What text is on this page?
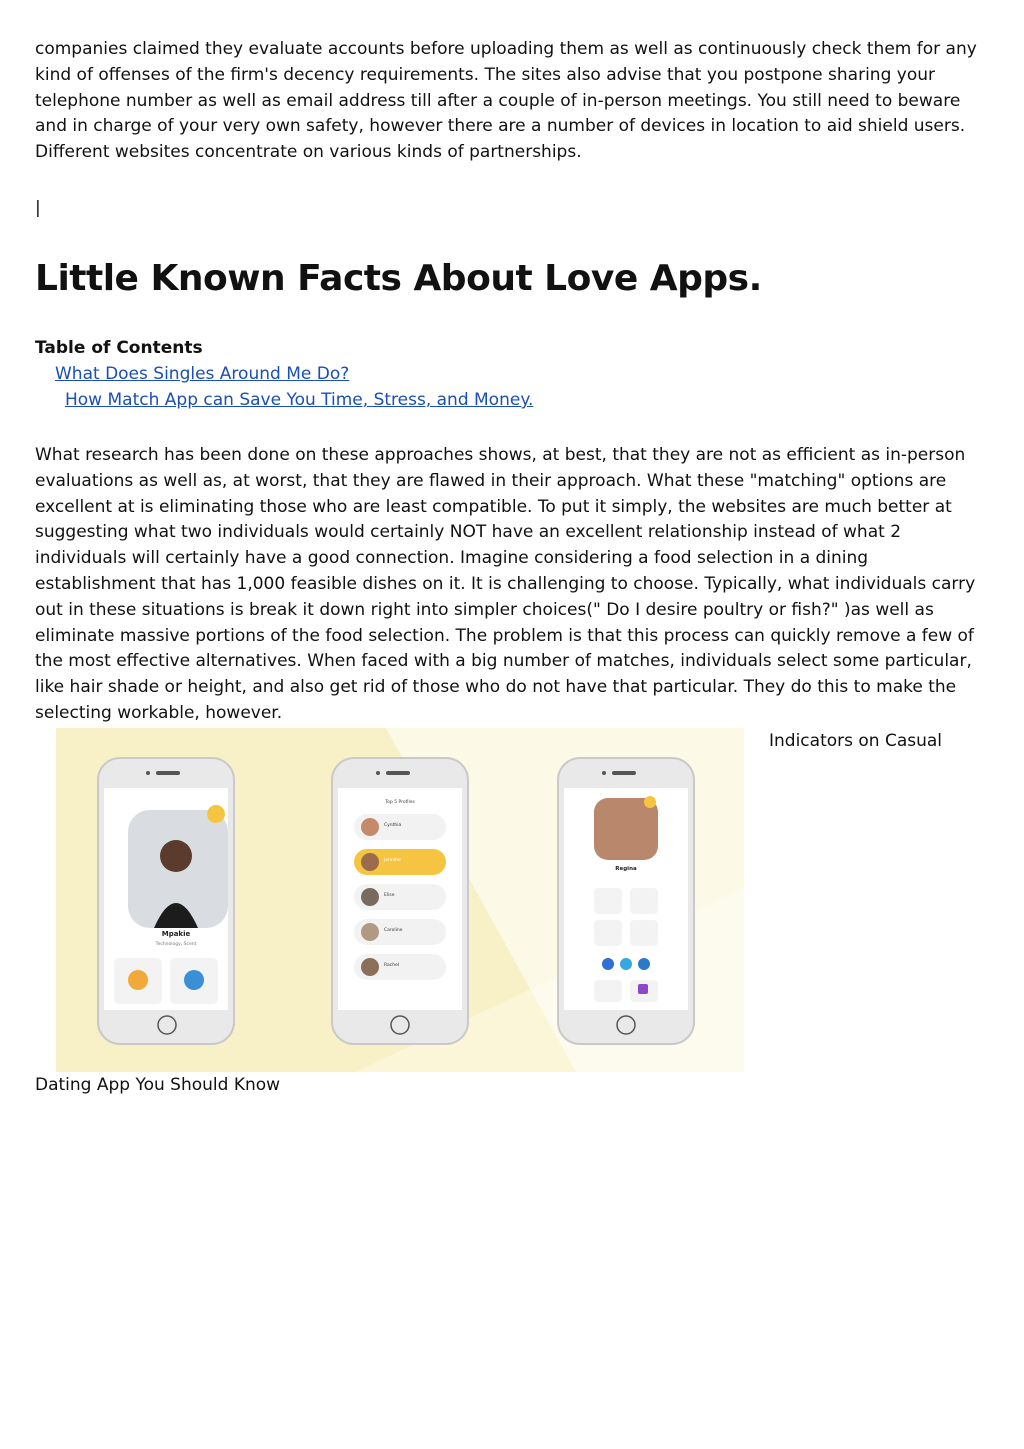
companies claimed they evaluate accounts before uploading them as well as continuously check them for any kind of offenses of the firm's decency requirements. The sites also advise that you postpone sharing your telephone number as well as email address till after a couple of in-person meetings. You still need to beware and in charge of your very own safety, however there are a number of devices in location to aid shield users. Different websites concentrate on various kinds of partnerships.

|
Little Known Facts About Love Apps.
Table of Contents
What Does Singles Around Me Do?
How Match App can Save You Time, Stress, and Money.

What research has been done on these approaches shows, at best, that they are not as efficient as in-person evaluations as well as, at worst, that they are flawed in their approach. What these "matching" options are excellent at is eliminating those who are least compatible. To put it simply, the websites are much better at suggesting what two individuals would certainly NOT have an excellent relationship instead of what 2 individuals will certainly have a good connection. Imagine considering a food selection in a dining establishment that has 1,000 feasible dishes on it. It is challenging to choose. Typically, what individuals carry out in these situations is break it down right into simpler choices(" Do I desire poultry or fish?" )as well as eliminate massive portions of the food selection. The problem is that this process can quickly remove a few of the most effective alternatives. When faced with a big number of matches, individuals select some particular, like hair shade or height, and also get rid of those who do not have that particular. They do this to make the selecting workable, however.

Mpakie
Technology, Scent
Top 5 Profiles
Cynthia
Jennifer
Elise
Caroline
Rachel
Regina
Indicators on Casual
Dating App You Should Know
